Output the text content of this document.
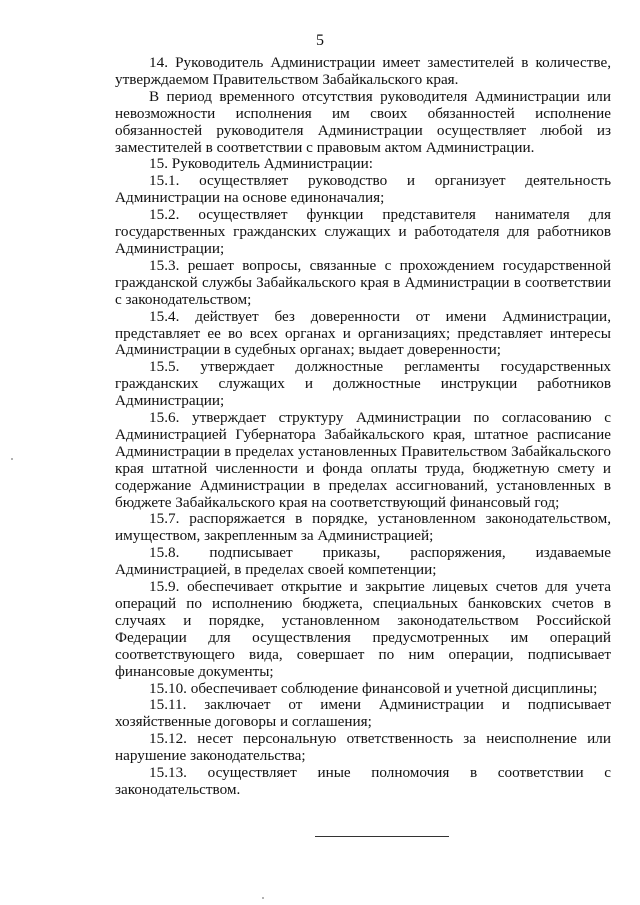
5

14. Руководитель Администрации имеет заместителей в количестве, утверждаемом Правительством Забайкальского края.

В период временного отсутствия руководителя Администрации или невозможности исполнения им своих обязанностей исполнение обязанностей руководителя Администрации осуществляет любой из заместителей в соответствии с правовым актом Администрации.

15. Руководитель Администрации:

15.1. осуществляет руководство и организует деятельность Администрации на основе единоначалия;

15.2. осуществляет функции представителя нанимателя для государственных гражданских служащих и работодателя для работников Администрации;

15.3. решает вопросы, связанные с прохождением государственной гражданской службы Забайкальского края в Администрации в соответствии с законодательством;

15.4. действует без доверенности от имени Администрации, представляет ее во всех органах и организациях; представляет интересы Администрации в судебных органах; выдает доверенности;

15.5. утверждает должностные регламенты государственных гражданских служащих и должностные инструкции работников Администрации;

15.6. утверждает структуру Администрации по согласованию с Администрацией Губернатора Забайкальского края, штатное расписание Администрации в пределах установленных Правительством Забайкальского края штатной численности и фонда оплаты труда, бюджетную смету и содержание Администрации в пределах ассигнований, установленных в бюджете Забайкальского края на соответствующий финансовый год;

15.7. распоряжается в порядке, установленном законодательством, имуществом, закрепленным за Администрацией;

15.8. подписывает приказы, распоряжения, издаваемые Администрацией, в пределах своей компетенции;

15.9. обеспечивает открытие и закрытие лицевых счетов для учета операций по исполнению бюджета, специальных банковских счетов в случаях и порядке, установленном законодательством Российской Федерации для осуществления предусмотренных им операций соответствующего вида, совершает по ним операции, подписывает финансовые документы;

15.10. обеспечивает соблюдение финансовой и учетной дисциплины;

15.11. заключает от имени Администрации и подписывает хозяйственные договоры и соглашения;

15.12. несет персональную ответственность за неисполнение или нарушение законодательства;

15.13. осуществляет иные полномочия в соответствии с законодательством.
